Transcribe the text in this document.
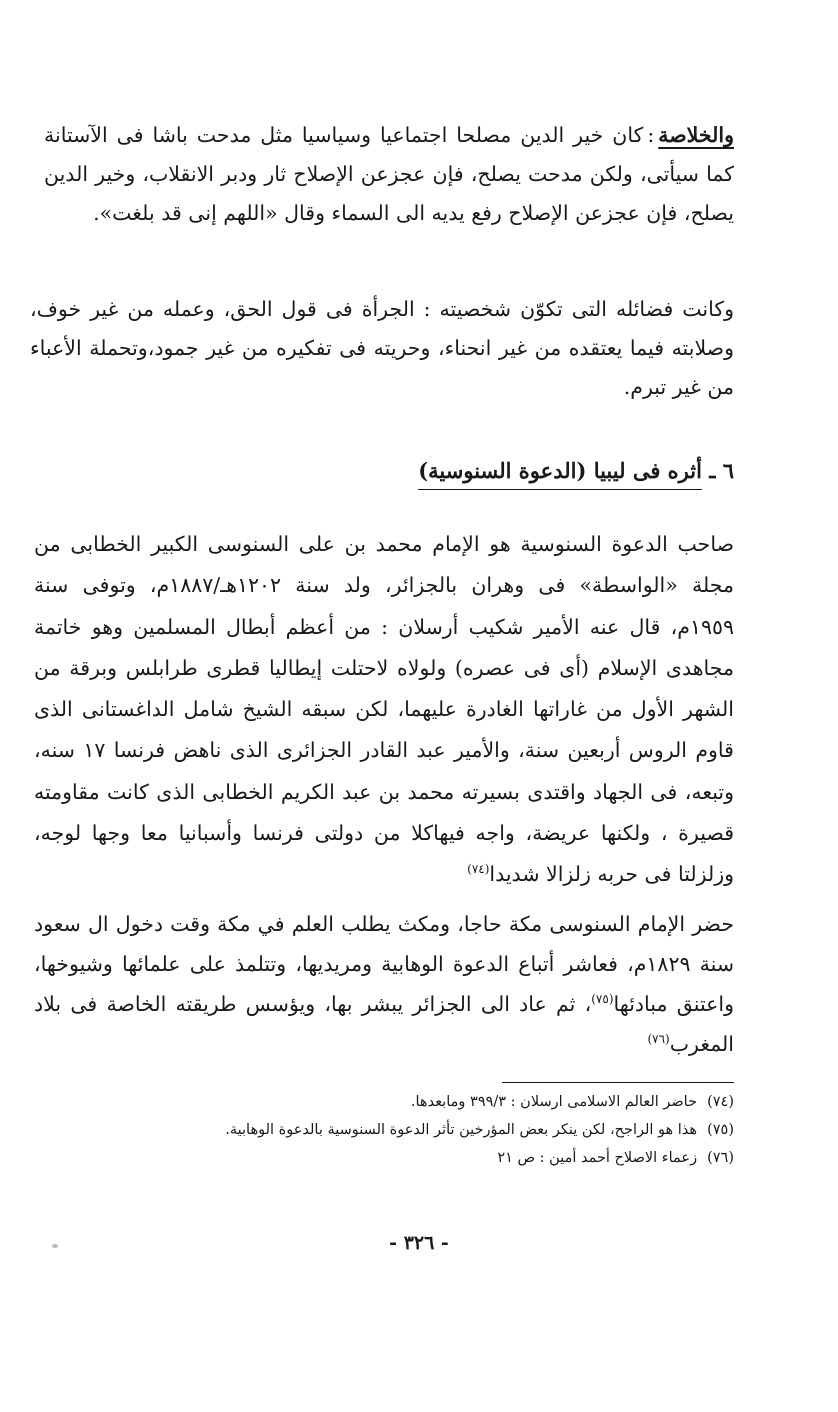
والخلاصة:كان خير الدين مصلحا اجتماعيا وسياسيا مثل مدحت باشا فى الآستانة كما سيأتى، ولكن مدحت يصلح، فإن عجزعن الإصلاح ثار ودبر الانقلاب، وخير الدين يصلح، فإن عجزعن الإصلاح رفع يديه الى السماء وقال «اللهم إنى قد بلغت».

وكانت فضائله التى تكوّن شخصيته : الجرأة فى قول الحق، وعمله من غير خوف، وصلابته فيما يعتقده من غير انحناء، وحريته فى تفكيره من غير جمود،وتحملة الأعباء من غير تبرم.

٦ ـ أثره فى ليبيا (الدعوة السنوسية)

صاحب الدعوة السنوسية هو الإمام محمد بن على السنوسى الكبير الخطابى من مجلة «الواسطة» فى وهران بالجزائر، ولد سنة ١٢٠٢هـ/١٨٨٧م، وتوفى سنة ١٩٥٩م، قال عنه الأمير شكيب أرسلان : من أعظم أبطال المسلمين وهو خاتمة مجاهدى الإسلام (أى فى عصره) ولولاه لاحتلت إيطاليا قطرى طرابلس وبرقة من الشهر الأول من غاراتها الغادرة عليهما، لكن سبقه الشيخ شامل الداغستانى الذى قاوم الروس أربعين سنة، والأمير عبد القادر الجزائرى الذى ناهض فرنسا ١٧ سنه، وتبعه، فى الجهاد واقتدى بسيرته محمد بن عبد الكريم الخطابى الذى كانت مقاومته قصيرة ، ولكنها عريضة، واجه فيهاكلا من دولتى فرنسا وأسبانيا معا وجها لوجه، وزلزلتا فى حربه زلزالا شديدا$^{(٧٤)}$

حضر الإمام السنوسى مكة حاجا، ومكث يطلب العلم في مكة وقت دخول ال سعود سنة ١٨٢٩م، فعاشر أتباع الدعوة الوهابية ومريديها، وتتلمذ على علمائها وشيوخها، واعتنق مبادئها$^{(٧٥)}$، ثم عاد الى الجزائر يبشر بها، ويؤسس طريقته الخاصة فى بلاد المغرب$^{(٧٦)}$

(٧٤)حاضر العالم الاسلامى ارسلان : ٣٩٩/٣ ومابعدها.
(٧٥)هذا هو الراجح، لكن ينكر بعض المؤرخين تأثر الدعوة السنوسية بالدعوة الوهابية.
(٧٦)زعماء الاصلاح أحمد أمين : ص ٢١

- ٣٢٦ -
